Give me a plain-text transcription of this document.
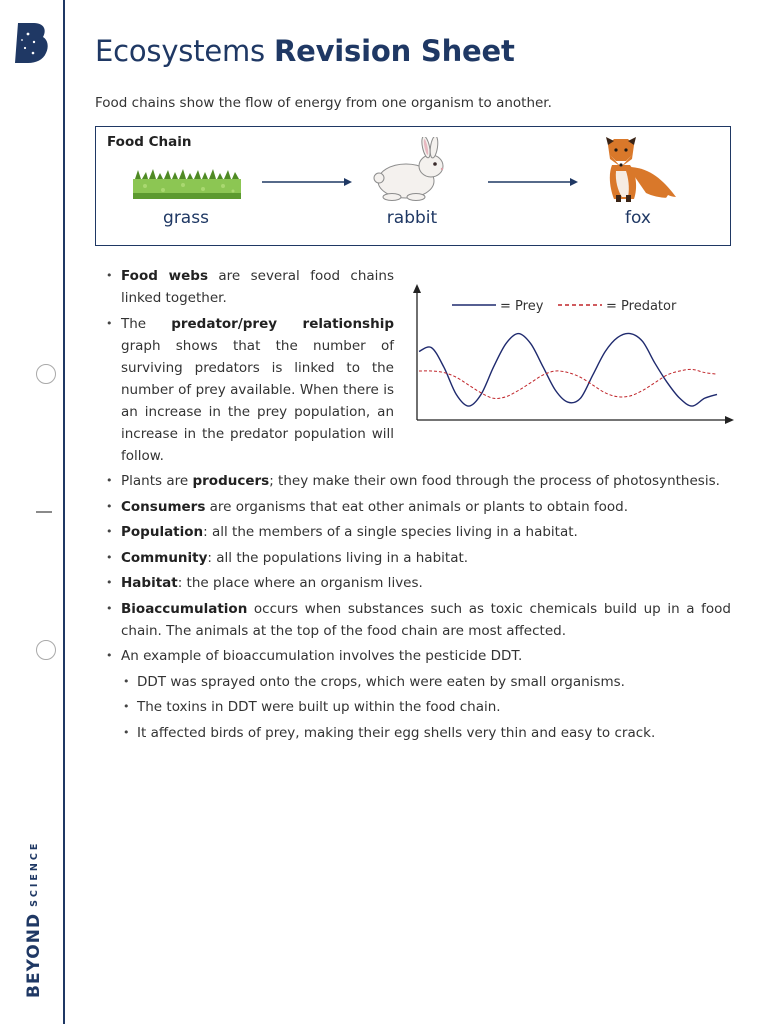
BEYOND
SCIENCE
Ecosystems Revision Sheet
Food chains show the flow of energy from one organism to another.
Food Chain
grass	rabbit	fox
= Prey	= Predator
• Food webs are several food chains linked together.
• The predator/prey relationship graph shows that the number of surviving predators is linked to the number of prey available. When there is an increase in the prey population, an increase in the predator population will follow.
• Plants are producers; they make their own food through the process of photosynthesis.
• Consumers are organisms that eat other animals or plants to obtain food.
• Population: all the members of a single species living in a habitat.
• Community: all the populations living in a habitat.
• Habitat: the place where an organism lives.
• Bioaccumulation occurs when substances such as toxic chemicals build up in a food chain. The animals at the top of the food chain are most affected.
• An example of bioaccumulation involves the pesticide DDT.
• DDT was sprayed onto the crops, which were eaten by small organisms.
• The toxins in DDT were built up within the food chain.
• It affected birds of prey, making their egg shells very thin and easy to crack.
